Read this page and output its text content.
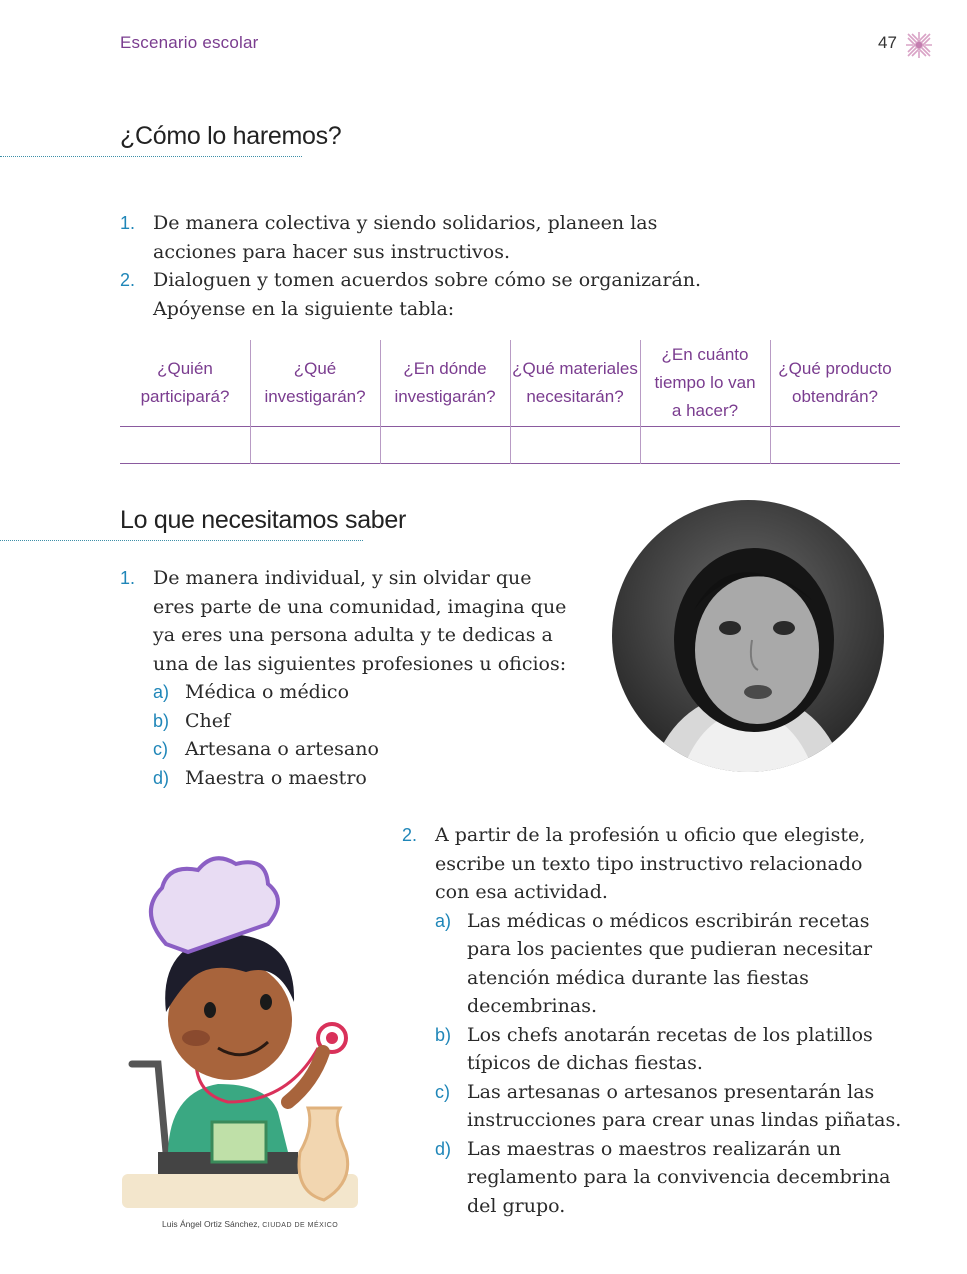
Escenario escolar	47
¿Cómo lo haremos?
1. De manera colectiva y siendo solidarios, planeen las
acciones para hacer sus instructivos.
2. Dialoguen y tomen acuerdos sobre cómo se organizarán.
Apóyense en la siguiente tabla:
¿Quién
participará?
¿Qué
investigarán?
¿En dónde
investigarán?
¿Qué materiales
necesitarán?
¿En cuánto
tiempo lo van
a hacer?
¿Qué producto
obtendrán?
Lo que necesitamos saber
1. De manera individual, y sin olvidar que
eres parte de una comunidad, imagina que
ya eres una persona adulta y te dedicas a
una de las siguientes profesiones u oficios:
a) Médica o médico
b) Chef
c) Artesana o artesano
d) Maestra o maestro
Luis Ángel Ortiz Sánchez, CIUDAD DE MÉXICO
2. A partir de la profesión u oficio que elegiste,
escribe un texto tipo instructivo relacionado
con esa actividad.
a) Las médicas o médicos escribirán recetas
para los pacientes que pudieran necesitar
atención médica durante las fiestas
decembrinas.
b) Los chefs anotarán recetas de los platillos
típicos de dichas fiestas.
c) Las artesanas o artesanos presentarán las
instrucciones para crear unas lindas piñatas.
d) Las maestras o maestros realizarán un
reglamento para la convivencia decembrina
del grupo.
